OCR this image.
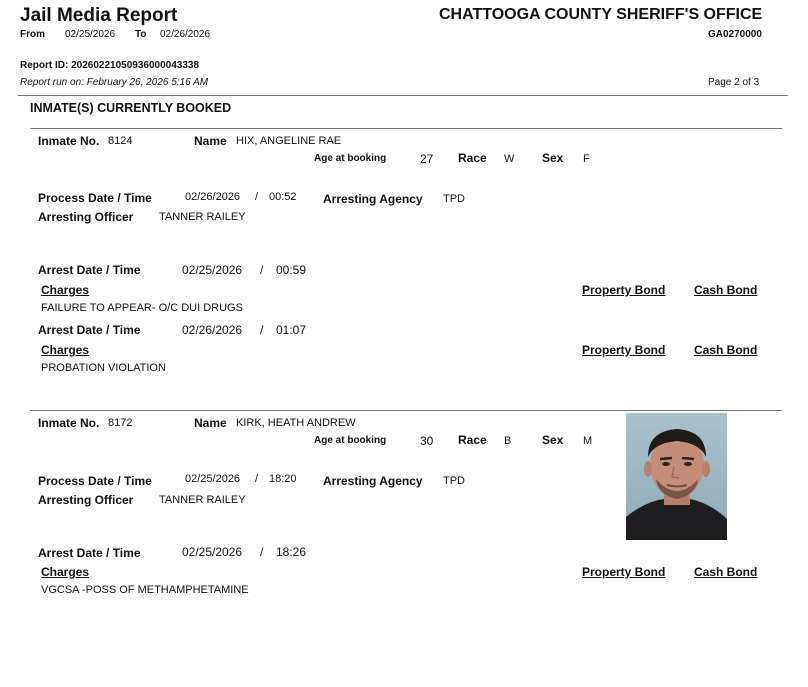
Jail Media Report	CHATTOOGA COUNTY SHERIFF'S OFFICE
From 02/25/2026 To 02/26/2026	GA0270000
Report ID: 20260221050936000043338
Report run on: February 26, 2026 5:16 AM	Page 2 of 3
INMATE(S) CURRENTLY BOOKED
Inmate No. 8124	Name HIX, ANGELINE RAE
Age at booking	27 Race W Sex F
Process Date / Time	02/26/2026 / 00:52 Arresting Agency TPD
Arresting Officer TANNER RAILEY
Arrest Date / Time	02/25/2026 / 00:59
Charges	Property Bond Cash Bond
FAILURE TO APPEAR- O/C DUI DRUGS
Arrest Date / Time	02/26/2026 / 01:07
Charges	Property Bond Cash Bond
PROBATION VIOLATION
Inmate No. 8172	Name KIRK, HEATH ANDREW
Age at booking	30 Race B	Sex M
Process Date / Time	02/25/2026 / 18:20 Arresting Agency TPD
Arresting Officer TANNER RAILEY
Arrest Date / Time	02/25/2026 / 18:26
Charges	Property Bond Cash Bond
VGCSA -POSS OF METHAMPHETAMINE
